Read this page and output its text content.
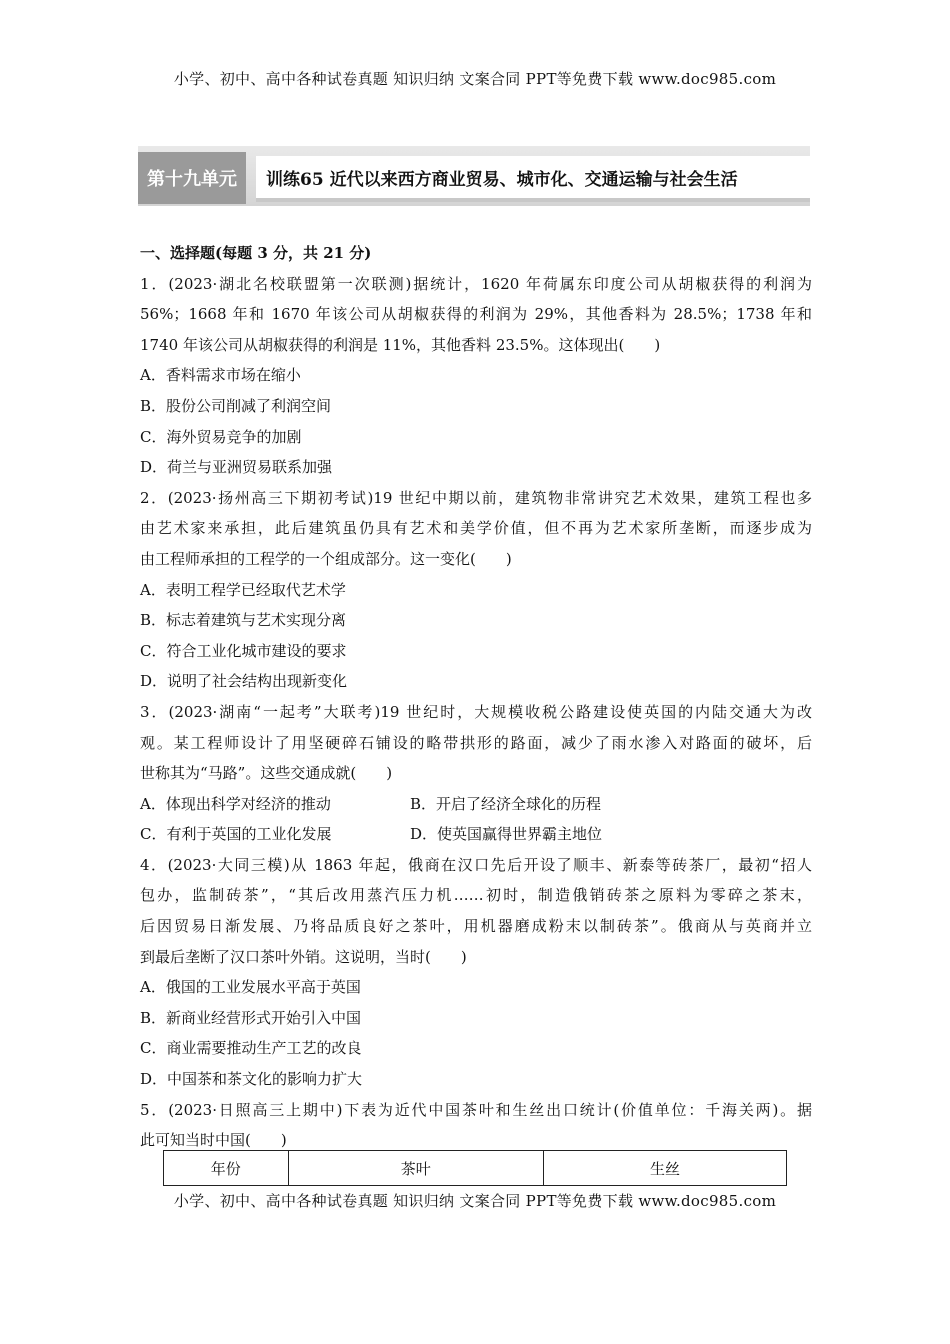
小学、初中、高中各种试卷真题 知识归纳 文案合同 PPT等免费下载 www.doc985.com
第十九单元	训练65 近代以来西方商业贸易、城市化、交通运输与社会生活
一、选择题(每题 3 分，共 21 分)
1．(2023·湖北名校联盟第一次联测)据统计，1620 年荷属东印度公司从胡椒获得的利润为
56%；1668 年和 1670 年该公司从胡椒获得的利润为 29%，其他香料为 28.5%；1738 年和
1740 年该公司从胡椒获得的利润是 11%，其他香料 23.5%。这体现出(　　)
A．香料需求市场在缩小
B．股份公司削减了利润空间
C．海外贸易竞争的加剧
D．荷兰与亚洲贸易联系加强
2．(2023·扬州高三下期初考试)19 世纪中期以前，建筑物非常讲究艺术效果，建筑工程也多
由艺术家来承担，此后建筑虽仍具有艺术和美学价值，但不再为艺术家所垄断，而逐步成为
由工程师承担的工程学的一个组成部分。这一变化(　　)
A．表明工程学已经取代艺术学
B．标志着建筑与艺术实现分离
C．符合工业化城市建设的要求
D．说明了社会结构出现新变化
3．(2023·湖南“一起考”大联考)19 世纪时，大规模收税公路建设使英国的内陆交通大为改
观。某工程师设计了用坚硬碎石铺设的略带拱形的路面，减少了雨水渗入对路面的破坏，后
世称其为“马路”。这些交通成就(　　)
A．体现出科学对经济的推动	B．开启了经济全球化的历程
C．有利于英国的工业化发展	D．使英国赢得世界霸主地位
4．(2023·大同三模)从 1863 年起，俄商在汉口先后开设了顺丰、新泰等砖茶厂，最初“招人
包办，监制砖茶”，“其后改用蒸汽压力机……初时，制造俄销砖茶之原料为零碎之茶末，
后因贸易日渐发展、乃将品质良好之茶叶，用机器磨成粉末以制砖茶”。俄商从与英商并立
到最后垄断了汉口茶叶外销。这说明，当时(　　)
A．俄国的工业发展水平高于英国
B．新商业经营形式开始引入中国
C．商业需要推动生产工艺的改良
D．中国茶和茶文化的影响力扩大
5．(2023·日照高三上期中)下表为近代中国茶叶和生丝出口统计(价值单位：千海关两)。据
此可知当时中国(　　)
年份	茶叶	生丝
小学、初中、高中各种试卷真题 知识归纳 文案合同 PPT等免费下载 www.doc985.com
